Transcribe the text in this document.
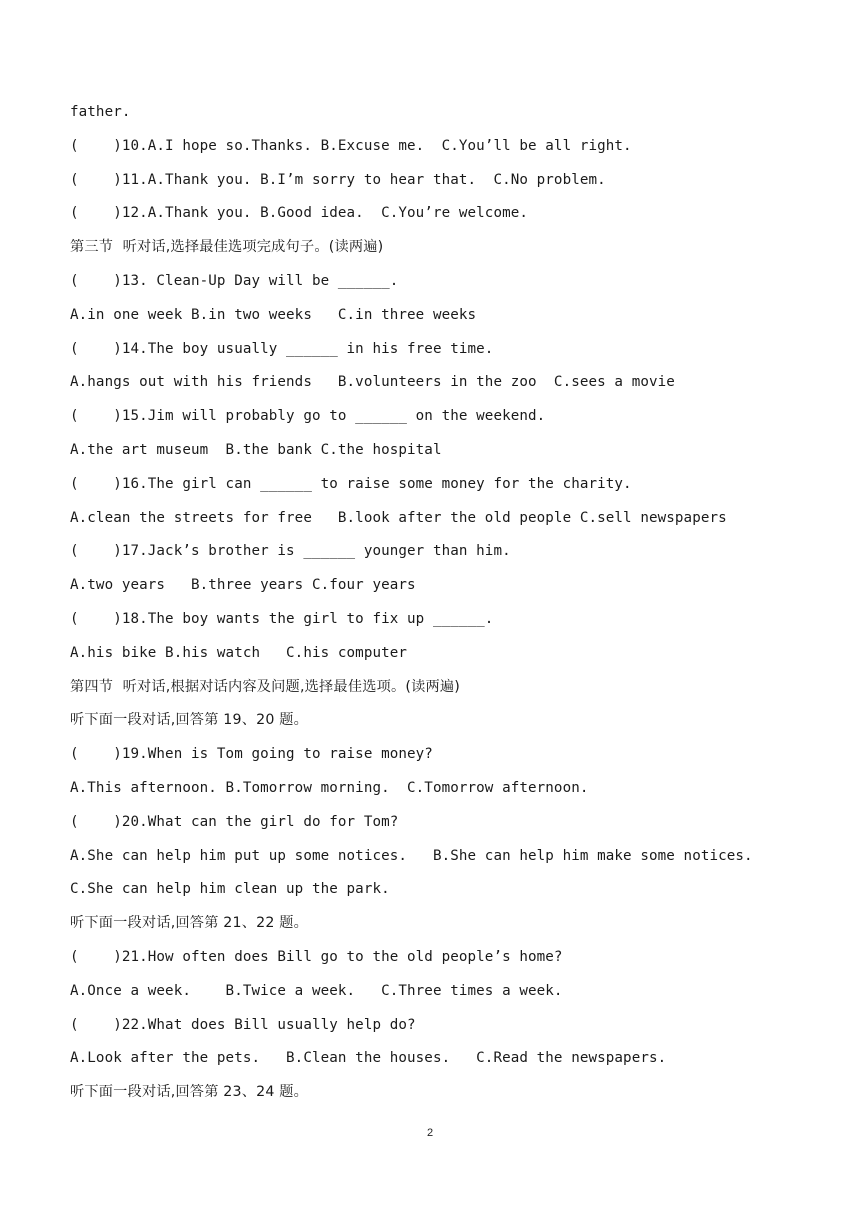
father.
(    )10.A.I hope so.Thanks. B.Excuse me.  C.You’ll be all right.
(    )11.A.Thank you. B.I’m sorry to hear that.  C.No problem.
(    )12.A.Thank you. B.Good idea.  C.You’re welcome.
第三节  听对话,选择最佳选项完成句子。(读两遍)
(    )13. Clean-Up Day will be ______.
A.in one week B.in two weeks   C.in three weeks
(    )14.The boy usually ______ in his free time.
A.hangs out with his friends   B.volunteers in the zoo  C.sees a movie
(    )15.Jim will probably go to ______ on the weekend.
A.the art museum  B.the bank C.the hospital
(    )16.The girl can ______ to raise some money for the charity.
A.clean the streets for free   B.look after the old people C.sell newspapers
(    )17.Jack’s brother is ______ younger than him.
A.two years   B.three years C.four years
(    )18.The boy wants the girl to fix up ______.
A.his bike B.his watch   C.his computer
第四节  听对话,根据对话内容及问题,选择最佳选项。(读两遍)
听下面一段对话,回答第 19、20 题。
(    )19.When is Tom going to raise money?
A.This afternoon. B.Tomorrow morning.  C.Tomorrow afternoon.
(    )20.What can the girl do for Tom?
A.She can help him put up some notices.   B.She can help him make some notices.
C.She can help him clean up the park.
听下面一段对话,回答第 21、22 题。
(    )21.How often does Bill go to the old people’s home?
A.Once a week.    B.Twice a week.   C.Three times a week.
(    )22.What does Bill usually help do?
A.Look after the pets.   B.Clean the houses.   C.Read the newspapers.
听下面一段对话,回答第 23、24 题。
2
